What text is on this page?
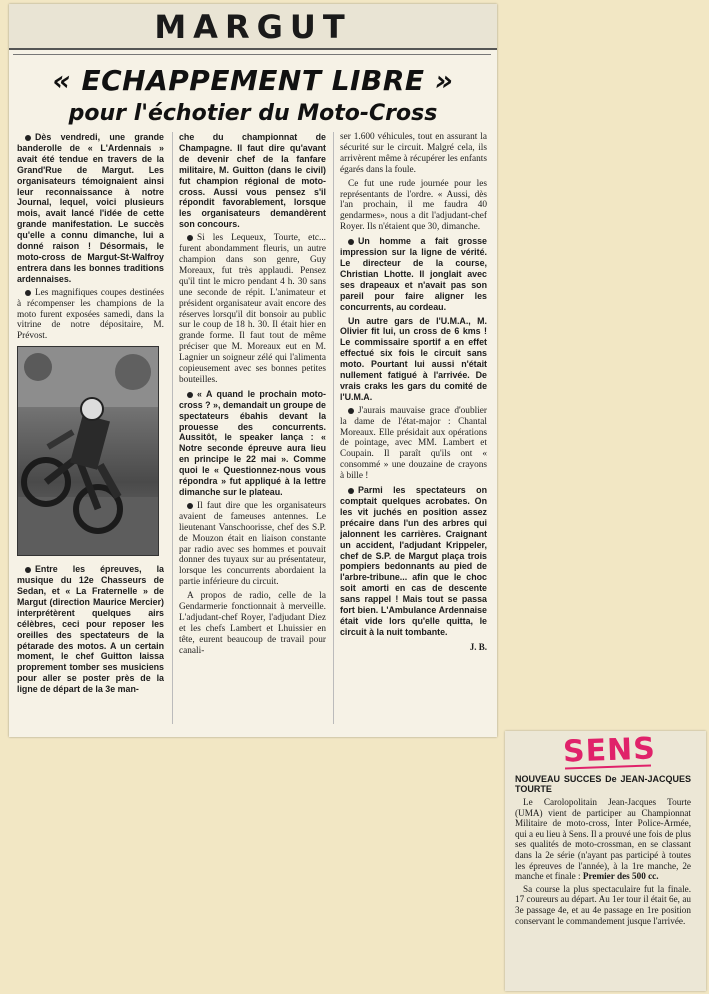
MARGUT
« ECHAPPEMENT LIBRE »
pour l'échotier du Moto-Cross

Dès vendredi, une grande banderolle de « L'Ardennais » avait été tendue en travers de la Grand'Rue de Margut. Les organisateurs témoignaient ainsi leur reconnaissance à notre Journal, lequel, voici plusieurs mois, avait lancé l'idée de cette grande manifestation. Le succès qu'elle a connu dimanche, lui a donné raison ! Désormais, le moto-cross de Margut-St-Walfroy entrera dans les bonnes traditions ardennaises.

Les magnifiques coupes destinées à récompenser les champions de la moto furent exposées samedi, dans la vitrine de notre dépositaire, M. Prévost.

Entre les épreuves, la musique du 12e Chasseurs de Sedan, et « La Fraternelle » de Margut (direction Maurice Mercier) interprétèrent quelques airs célèbres, ceci pour reposer les oreilles des spectateurs de la pétarade des motos. A un certain moment, le chef Guitton laissa proprement tomber ses musiciens pour aller se poster près de la ligne de départ de la 3e man-

che du championnat de Champagne. Il faut dire qu'avant de devenir chef de la fanfare militaire, M. Guitton (dans le civil) fut champion régional de moto-cross. Aussi vous pensez s'il répondit favorablement, lorsque les organisateurs demandèrent son concours.

Si les Lequeux, Tourte, etc... furent abondamment fleuris, un autre champion dans son genre, Guy Moreaux, fut très applaudi. Pensez qu'il tint le micro pendant 4 h. 30 sans une seconde de répit. L'animateur et président organisateur avait encore des réserves lorsqu'il dit bonsoir au public sur le coup de 18 h. 30. Il était hier en grande forme. Il faut tout de même préciser que M. Moreaux eut en M. Lagnier un soigneur zélé qui l'alimenta copieusement avec ses bonnes petites bouteilles.

« A quand le prochain moto-cross ? », demandait un groupe de spectateurs ébahis devant la prouesse des concurrents. Aussitôt, le speaker lança : « Notre seconde épreuve aura lieu en principe le 22 mai ». Comme quoi le « Questionnez-nous vous répondra » fut appliqué à la lettre dimanche sur le plateau.

Il faut dire que les organisateurs avaient de fameuses antennes. Le lieutenant Vanschoorisse, chef des S.P. de Mouzon était en liaison constante par radio avec ses hommes et pouvait donner des tuyaux sur au présentateur, lorsque les concurrents abordaient la partie inférieure du circuit.

A propos de radio, celle de la Gendarmerie fonctionnait à merveille. L'adjudant-chef Royer, l'adjudant Diez et les chefs Lambert et Lhuissier en tête, eurent beaucoup de travail pour canali-

ser 1.600 véhicules, tout en assurant la sécurité sur le circuit. Malgré cela, ils arrivèrent même à récupérer les enfants égarés dans la foule.

Ce fut une rude journée pour les représentants de l'ordre. « Aussi, dès l'an prochain, il me faudra 40 gendarmes», nous a dit l'adjudant-chef Royer. Ils n'étaient que 30, dimanche.

Un homme a fait grosse impression sur la ligne de vérité. Le directeur de la course, Christian Lhotte. Il jonglait avec ses drapeaux et n'avait pas son pareil pour faire aligner les concurrents, au cordeau.

Un autre gars de l'U.M.A., M. Olivier fit lui, un cross de 6 kms ! Le commissaire sportif a en effet effectué six fois le circuit sans moto. Pourtant lui aussi n'était nullement fatigué à l'arrivée. De vrais craks les gars du comité de l'U.M.A.

J'aurais mauvaise grace d'oublier la dame de l'état-major : Chantal Moreaux. Elle présidait aux opérations de pointage, avec MM. Lambert et Coupain. Il paraît qu'ils ont « consommé » une douzaine de crayons à bille !

Parmi les spectateurs on comptait quelques acrobates. On les vit juchés en position assez précaire dans l'un des arbres qui jalonnent les carrières. Craignant un accident, l'adjudant Krippeler, chef de S.P. de Margut plaça trois pompiers bedonnants au pied de l'arbre-tribune... afin que le choc soit amorti en cas de descente sans rappel ! Mais tout se passa fort bien. L'Ambulance Ardennaise était vide lors qu'elle quitta, le circuit à la nuit tombante.

J. B.
SENS
NOUVEAU SUCCES De JEAN-JACQUES TOURTE

Le Carolopolitain Jean-Jacques Tourte (UMA) vient de participer au Championnat Militaire de moto-cross, Inter Police-Armée, qui a eu lieu à Sens. Il a prouvé une fois de plus ses qualités de moto-crossman, en se classant dans la 2e série (n'ayant pas participé à toutes les épreuves de l'année), à la 1re manche, 2e manche et finale : Premier des 500 cc.

Sa course la plus spectaculaire fut la finale. 17 coureurs au départ. Au 1er tour il était 6e, au 3e passage 4e, et au 4e passage en 1re position conservant le commandement jusque l'arrivée.
